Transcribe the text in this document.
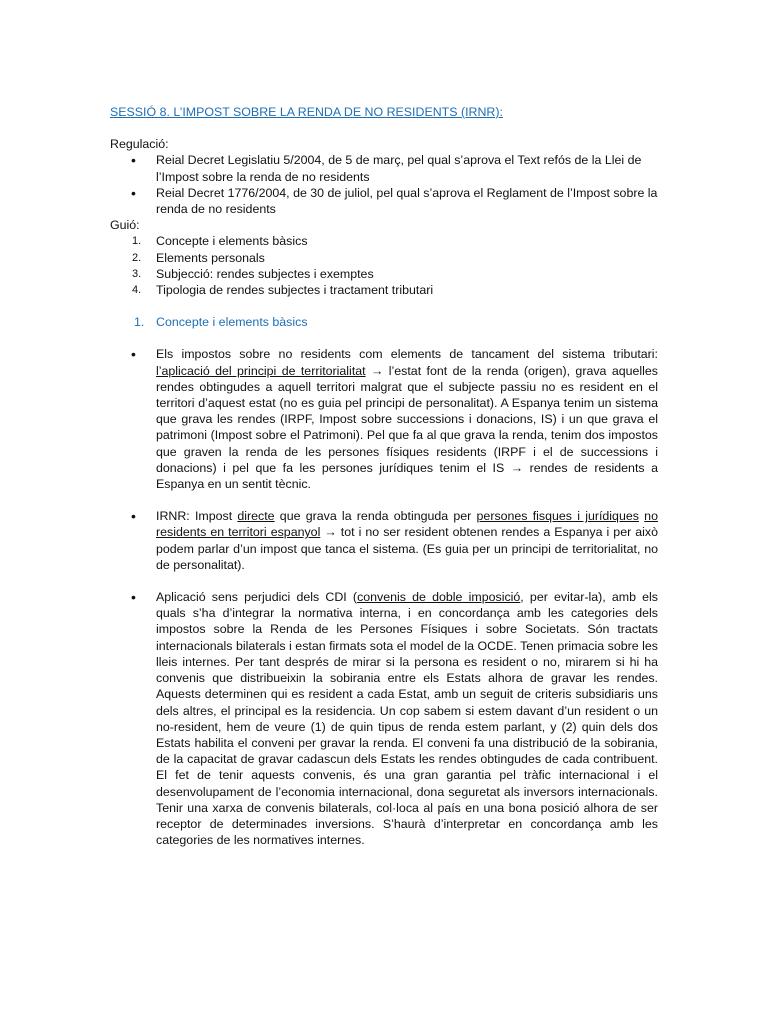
SESSIÓ 8. L’IMPOST SOBRE LA RENDA DE NO RESIDENTS (IRNR):
Regulació:
• Reial Decret Legislatiu 5/2004, de 5 de març, pel qual s’aprova el Text refós de la Llei de l’Impost sobre la renda de no residents
• Reial Decret 1776/2004, de 30 de juliol, pel qual s’aprova el Reglament de l’Impost sobre la renda de no residents
Guió:
1. Concepte i elements bàsics
2. Elements personals
3. Subjecció: rendes subjectes i exemptes
4. Tipologia de rendes subjectes i tractament tributari
1. Concepte i elements bàsics
• Els impostos sobre no residents com elements de tancament del sistema tributari: l’aplicació del principi de territorialitat → l’estat font de la renda (origen), grava aquelles rendes obtingudes a aquell territori malgrat que el subjecte passiu no es resident en el territori d’aquest estat (no es guia pel principi de personalitat). A Espanya tenim un sistema que grava les rendes (IRPF, Impost sobre successions i donacions, IS) i un que grava el patrimoni (Impost sobre el Patrimoni). Pel que fa al que grava la renda, tenim dos impostos que graven la renda de les persones físiques residents (IRPF i el de successions i donacions) i pel que fa les persones jurídiques tenim el IS → rendes de residents a Espanya en un sentit tècnic.
• IRNR: Impost directe que grava la renda obtinguda per persones fisques i jurídiques no residents en territori espanyol → tot i no ser resident obtenen rendes a Espanya i per això podem parlar d’un impost que tanca el sistema. (Es guia per un principi de territorialitat, no de personalitat).
• Aplicació sens perjudici dels CDI (convenis de doble imposició, per evitar-la), amb els quals s’ha d’integrar la normativa interna, i en concordança amb les categories dels impostos sobre la Renda de les Persones Físiques i sobre Societats. Són tractats internacionals bilaterals i estan firmats sota el model de la OCDE. Tenen primacia sobre les lleis internes. Per tant després de mirar si la persona es resident o no, mirarem si hi ha convenis que distribueixin la sobirania entre els Estats alhora de gravar les rendes. Aquests determinen qui es resident a cada Estat, amb un seguit de criteris subsidiaris uns dels altres, el principal es la residencia. Un cop sabem si estem davant d’un resident o un no-resident, hem de veure (1) de quin tipus de renda estem parlant, y (2) quin dels dos Estats habilita el conveni per gravar la renda. El conveni fa una distribució de la sobirania, de la capacitat de gravar cadascun dels Estats les rendes obtingudes de cada contribuent. El fet de tenir aquests convenis, és una gran garantia pel tràfic internacional i el desenvolupament de l’economia internacional, dona seguretat als inversors internacionals. Tenir una xarxa de convenis bilaterals, col·loca al país en una bona posició alhora de ser receptor de determinades inversions. S’haurà d’interpretar en concordança amb les categories de les normatives internes.
